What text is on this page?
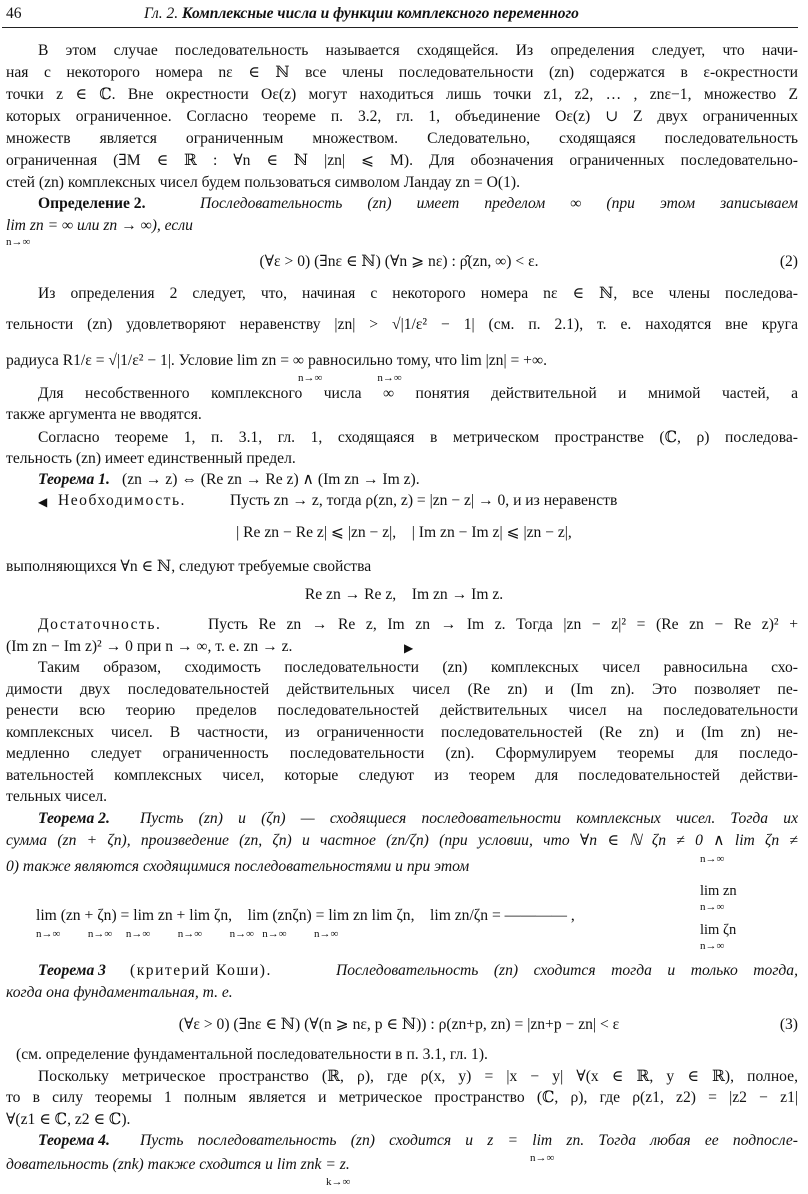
46	Гл. 2. Комплексные числа и функции комплексного переменного
В этом случае последовательность называется сходящейся. Из определения следует, что начи-
ная с некоторого номера nε ∈ ℕ все члены последовательности (zn) содержатся в ε-окрестности
точки z ∈ ℂ. Вне окрестности Oε(z) могут находиться лишь точки z1, z2, … , znε−1, множество Z
которых ограниченное. Согласно теореме п. 3.2, гл. 1, объединение Oε(z) ∪ Z двух ограниченных
множеств является ограниченным множеством. Следовательно, сходящаяся последовательность
ограниченная (∃M ∈ ℝ : ∀n ∈ ℕ |zn| ⩽ M). Для обозначения ограниченных последовательно-
стей (zn) комплексных чисел будем пользоваться символом Ландау zn = O(1).
Определение 2.	Последовательность (zn) имеет пределом ∞ (при этом записываем
lim zn = ∞ или zn → ∞), если
n→∞
(∀ε > 0) (∃nε ∈ ℕ) (∀n ⩾ nε) : ρ̂(zn, ∞) < ε.	(2)
Из определения 2 следует, что, начиная с некоторого номера nε ∈ ℕ, все члены последова-
тельности (zn) удовлетворяют неравенству |zn| > √|1/ε² − 1| (см. п. 2.1), т. е. находятся вне круга
радиуса R1/ε = √|1/ε² − 1|. Условие lim zn = ∞ равносильно тому, что lim |zn| = +∞.
n→∞                    n→∞
Для несобственного комплексного числа ∞ понятия действительной и мнимой частей, а
также аргумента не вводятся.
Согласно теореме 1, п. 3.1, гл. 1, сходящаяся в метрическом пространстве (ℂ, ρ) последова-
тельность (zn) имеет единственный предел.
Теорема 1. (zn → z) ⇔ (Re zn → Re z) ∧ (Im zn → Im z).
◀ Необходимость.	Пусть zn → z, тогда ρ(zn, z) = |zn − z| → 0, и из неравенств
| Re zn − Re z| ⩽ |zn − z|,    | Im zn − Im z| ⩽ |zn − z|,
выполняющихся ∀n ∈ ℕ, следуют требуемые свойства
Re zn → Re z,    Im zn → Im z.
Достаточность.	Пусть Re zn → Re z, Im zn → Im z. Тогда |zn − z|² = (Re zn − Re z)² +
(Im zn − Im z)² → 0 при n → ∞, т. е. zn → z.	▶
Таким образом, сходимость последовательности (zn) комплексных чисел равносильна схо-
димости двух последовательностей действительных чисел (Re zn) и (Im zn). Это позволяет пе-
ренести всю теорию пределов последовательностей действительных чисел на последовательности
комплексных чисел. В частности, из ограниченности последовательностей (Re zn) и (Im zn) не-
медленно следует ограниченность последовательности (zn). Сформулируем теоремы для последо-
вательностей комплексных чисел, которые следуют из теорем для последовательностей действи-
тельных чисел.
Теорема 2.	Пусть (zn) и (ζn) — сходящиеся последовательности комплексных чисел. Тогда их
сумма (zn + ζn), произведение (zn, ζn) и частное (zn/ζn) (при условии, что ∀n ∈ ℕ ζn ≠ 0 ∧ lim ζn ≠
n→∞
0) также являются сходящимися последовательностями и при этом
lim zn
n→∞
lim (zn + ζn) = lim zn + lim ζn,    lim (znζn) = lim zn lim ζn,    lim zn/ζn = ———— ,
n→∞          n→∞     n→∞          n→∞          n→∞   n→∞          n→∞	lim ζn
n→∞
Теорема 3	(критерий Коши).	Последовательность (zn) сходится тогда и только тогда,
когда она фундаментальная, т. е.
(∀ε > 0) (∃nε ∈ ℕ) (∀(n ⩾ nε, p ∈ ℕ)) : ρ(zn+p, zn) = |zn+p − zn| < ε	(3)
(см. определение фундаментальной последовательности в п. 3.1, гл. 1).
Поскольку метрическое пространство (ℝ, ρ), где ρ(x, y) = |x − y| ∀(x ∈ ℝ, y ∈ ℝ), полное,
то в силу теоремы 1 полным является и метрическое пространство (ℂ, ρ), где ρ(z1, z2) = |z2 − z1|
∀(z1 ∈ ℂ, z2 ∈ ℂ).
Теорема 4.	Пусть последовательность (zn) сходится и z = lim zn. Тогда любая ее подпосле-
n→∞
довательность (znk) также сходится и lim znk = z.
k→∞
